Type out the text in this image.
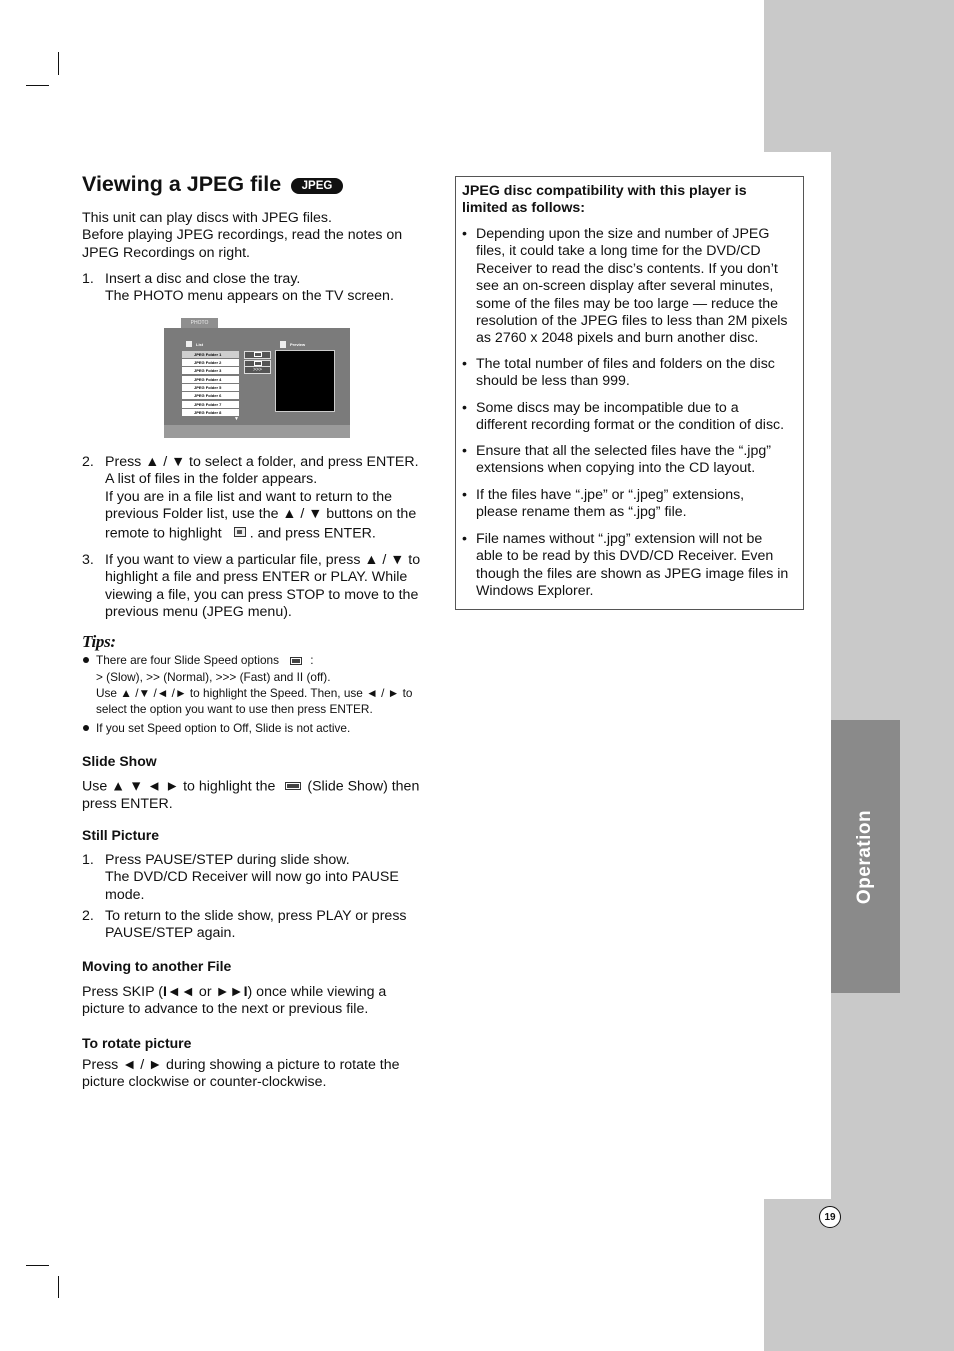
Operation
19
Viewing a JPEG file	JPEG
This unit can play discs with JPEG files.
Before playing JPEG recordings, read the notes on
JPEG Recordings on right.
1. Insert a disc and close the tray.
The PHOTO menu appears on the TV screen.
PHOTO
List	Preview
JPEG Folder 1
JPEG Folder 2
JPEG Folder 3
JPEG Folder 4
JPEG Folder 5
JPEG Folder 6
JPEG Folder 7
JPEG Folder 8
▼
>>>
2. Press ▲ / ▼ to select a folder, and press ENTER.
A list of files in the folder appears.
If you are in a file list and want to return to the
previous Folder list, use the ▲ / ▼ buttons on the
remote to highlight . and press ENTER.
3. If you want to view a particular file, press ▲ / ▼ to
highlight a file and press ENTER or PLAY. While
viewing a file, you can press STOP to move to the
previous menu (JPEG menu).
Tips:
There are four Slide Speed options	:
> (Slow), >> (Normal), >>> (Fast) and II (off).
Use ▲ /▼ /◄ /► to highlight the Speed. Then, use ◄ / ► to
select the option you want to use then press ENTER.
If you set Speed option to Off, Slide is not active.
Slide Show
Use ▲ ▼ ◄ ► to highlight the (Slide Show) then
press ENTER.
Still Picture
1. Press PAUSE/STEP during slide show.
The DVD/CD Receiver will now go into PAUSE
mode.
2. To return to the slide show, press PLAY or press
PAUSE/STEP again.
Moving to another File
Press SKIP (I◄◄ or ►►I) once while viewing a
picture to advance to the next or previous file.
To rotate picture
Press ◄ / ► during showing a picture to rotate the
picture clockwise or counter-clockwise.
JPEG disc compatibility with this player is
limited as follows:
• Depending upon the size and number of JPEG
files, it could take a long time for the DVD/CD
Receiver to read the disc’s contents. If you don’t
see an on-screen display after several minutes,
some of the files may be too large — reduce the
resolution of the JPEG files to less than 2M pixels
as 2760 x 2048 pixels and burn another disc.
• The total number of files and folders on the disc
should be less than 999.
• Some discs may be incompatible due to a
different recording format or the condition of disc.
• Ensure that all the selected files have the “.jpg”
extensions when copying into the CD layout.
• If the files have “.jpe” or “.jpeg” extensions,
please rename them as “.jpg” file.
• File names without “.jpg” extension will not be
able to be read by this DVD/CD Receiver. Even
though the files are shown as JPEG image files in
Windows Explorer.
